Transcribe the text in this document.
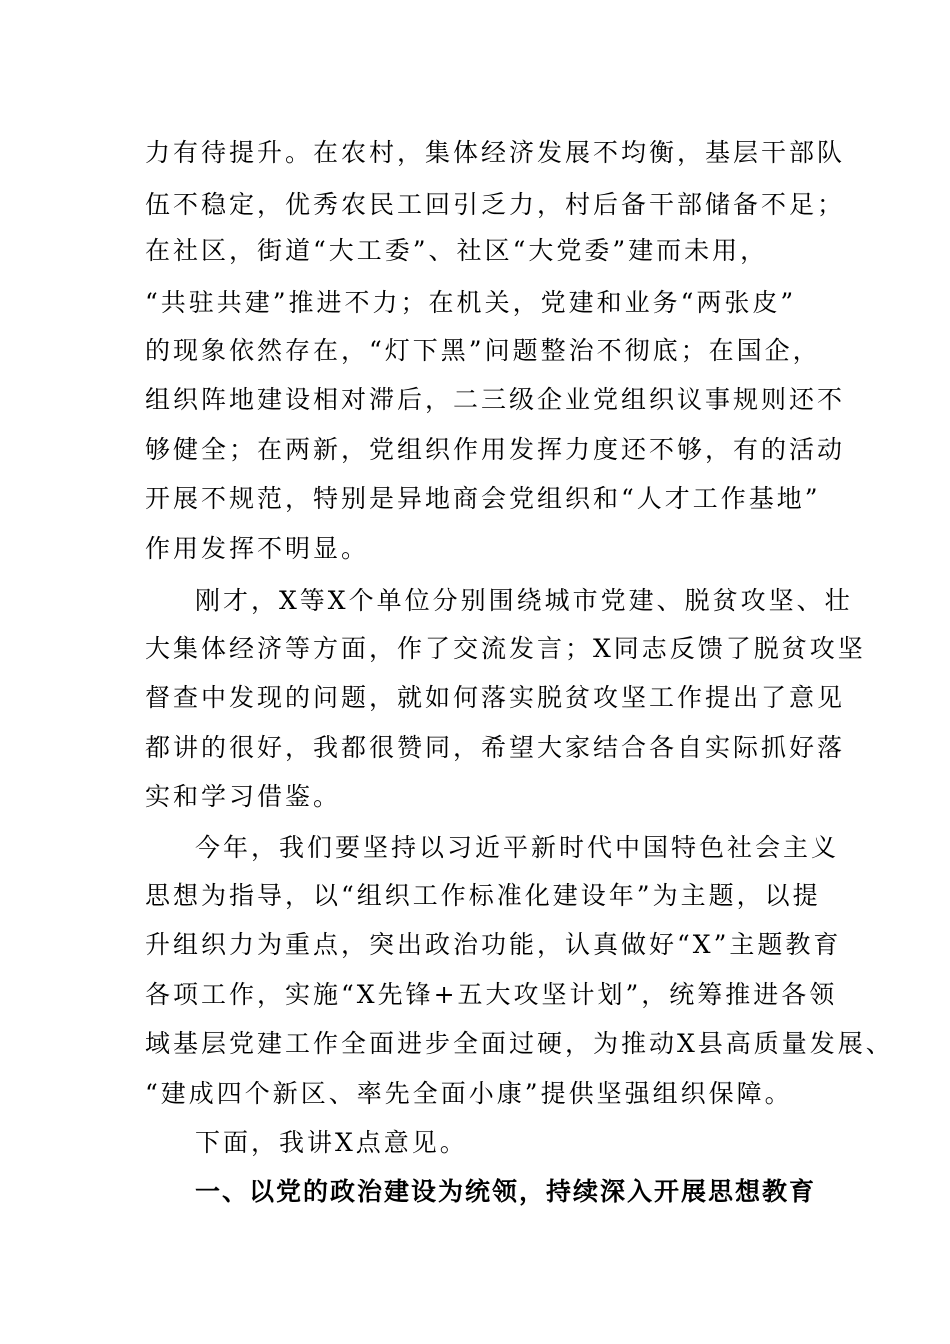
力有待提升。在农村，集体经济发展不均衡，基层干部队
伍不稳定，优秀农民工回引乏力，村后备干部储备不足；
在社区，街道“大工委”、社区“大党委”建而未用，
“共驻共建”推进不力；在机关，党建和业务“两张皮”
的现象依然存在，“灯下黑”问题整治不彻底；在国企，
组织阵地建设相对滞后，二三级企业党组织议事规则还不
够健全；在两新，党组织作用发挥力度还不够，有的活动
开展不规范，特别是异地商会党组织和“人才工作基地”
作用发挥不明显。
刚才，X等X个单位分别围绕城市党建、脱贫攻坚、壮
大集体经济等方面，作了交流发言；X同志反馈了脱贫攻坚
督查中发现的问题，就如何落实脱贫攻坚工作提出了意见
都讲的很好，我都很赞同，希望大家结合各自实际抓好落
实和学习借鉴。
今年，我们要坚持以习近平新时代中国特色社会主义
思想为指导，以“组织工作标准化建设年”为主题，以提
升组织力为重点，突出政治功能，认真做好“X”主题教育
各项工作，实施“X先锋+五大攻坚计划”，统筹推进各领
域基层党建工作全面进步全面过硬，为推动X县高质量发展、
“建成四个新区、率先全面小康”提供坚强组织保障。
下面，我讲X点意见。
一、以党的政治建设为统领，持续深入开展思想教育
